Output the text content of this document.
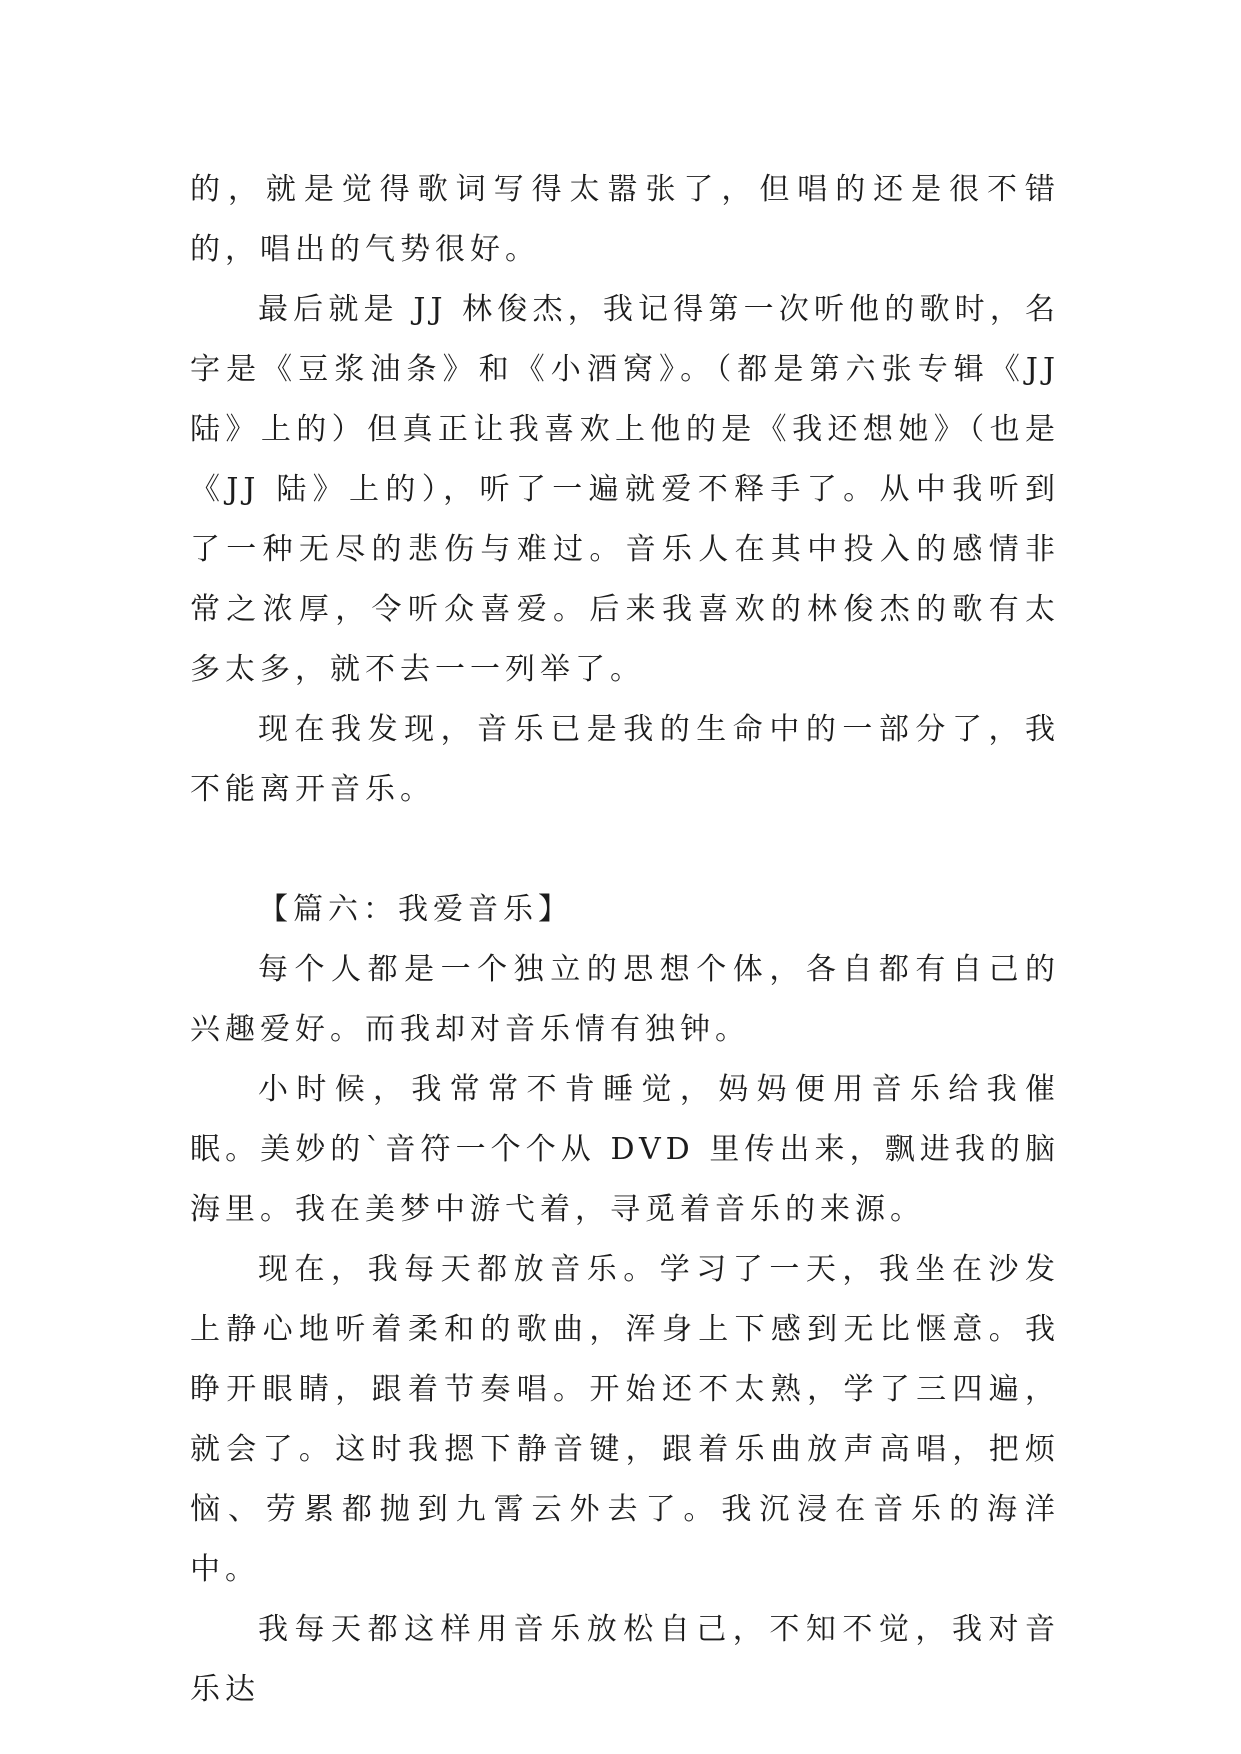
的，就是觉得歌词写得太嚣张了，但唱的还是很不错的，唱出的气势很好。

最后就是 JJ 林俊杰，我记得第一次听他的歌时，名字是《豆浆油条》和《小酒窝》。（都是第六张专辑《JJ 陆》上的）但真正让我喜欢上他的是《我还想她》（也是《JJ 陆》上的），听了一遍就爱不释手了。从中我听到了一种无尽的悲伤与难过。音乐人在其中投入的感情非常之浓厚，令听众喜爱。后来我喜欢的林俊杰的歌有太多太多，就不去一一列举了。

现在我发现，音乐已是我的生命中的一部分了，我不能离开音乐。

【篇六：我爱音乐】

每个人都是一个独立的思想个体，各自都有自己的兴趣爱好。而我却对音乐情有独钟。

小时候，我常常不肯睡觉，妈妈便用音乐给我催眠。美妙的`音符一个个从 DVD 里传出来，飘进我的脑海里。我在美梦中游弋着，寻觅着音乐的来源。

现在，我每天都放音乐。学习了一天，我坐在沙发上静心地听着柔和的歌曲，浑身上下感到无比惬意。我睁开眼睛，跟着节奏唱。开始还不太熟，学了三四遍，就会了。这时我摁下静音键，跟着乐曲放声高唱，把烦恼、劳累都抛到九霄云外去了。我沉浸在音乐的海洋中。

我每天都这样用音乐放松自己，不知不觉，我对音乐达
